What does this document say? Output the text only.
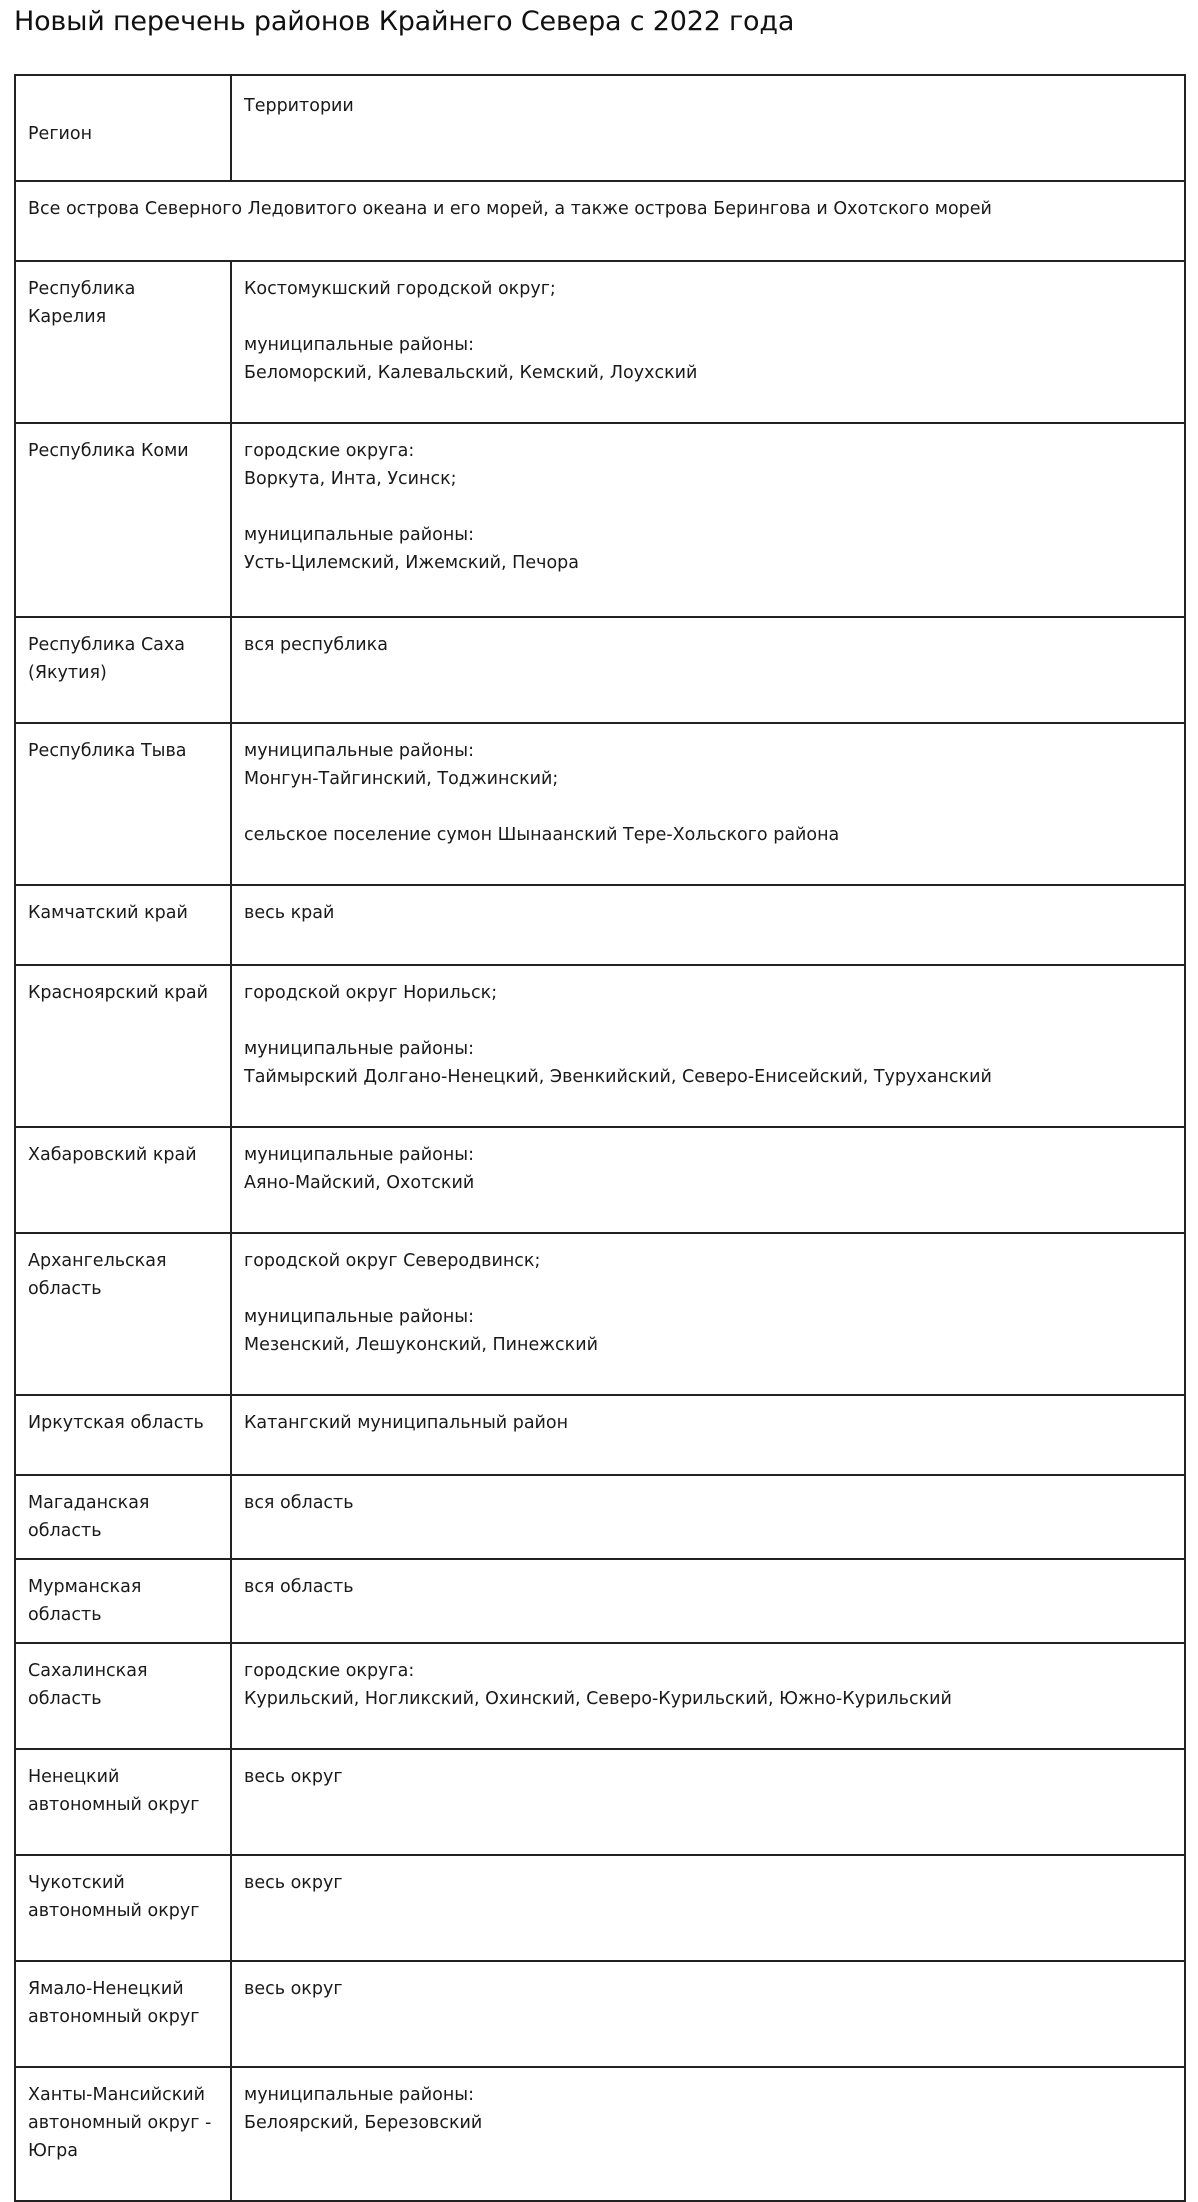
Новый перечень районов Крайнего Севера с 2022 года
Регион	Территории
Все острова Северного Ледовитого океана и его морей, а также острова Берингова и Охотского морей	
Республика Карелия	Костомукшский городской округ;
муниципальные районы:
Беломорский, Калевальский, Кемский, Лоухский

Республика Коми	городские округа:
Воркута, Инта, Усинск;
муниципальные районы:
Усть-Цилемский, Ижемский, Печора

Республика Саха (Якутия)	вся республика

Республика Тыва	муниципальные районы:
Монгун-Тайгинский, Тоджинский;
сельское поселение сумон Шынаанский Тере-Хольского района

Камчатский край	весь край

Красноярский край	городской округ Норильск;
муниципальные районы:
Таймырский Долгано-Ненецкий, Эвенкийский, Северо-Енисейский, Туруханский

Хабаровский край	муниципальные районы:
Аяно-Майский, Охотский

Архангельская область	городской округ Северодвинск;
муниципальные районы:
Мезенский, Лешуконский, Пинежский

Иркутская область	Катангский муниципальный район

Магаданская область	вся область

Мурманская область	вся область

Сахалинская область	городские округа:
Курильский, Ногликский, Охинский, Северо-Курильский, Южно-Курильский

Ненецкий автономный округ	весь округ

Чукотский автономный округ	весь округ

Ямало-Ненецкий автономный округ	весь округ

Ханты-Мансийский автономный округ - Югра	муниципальные районы:
Белоярский, Березовский
